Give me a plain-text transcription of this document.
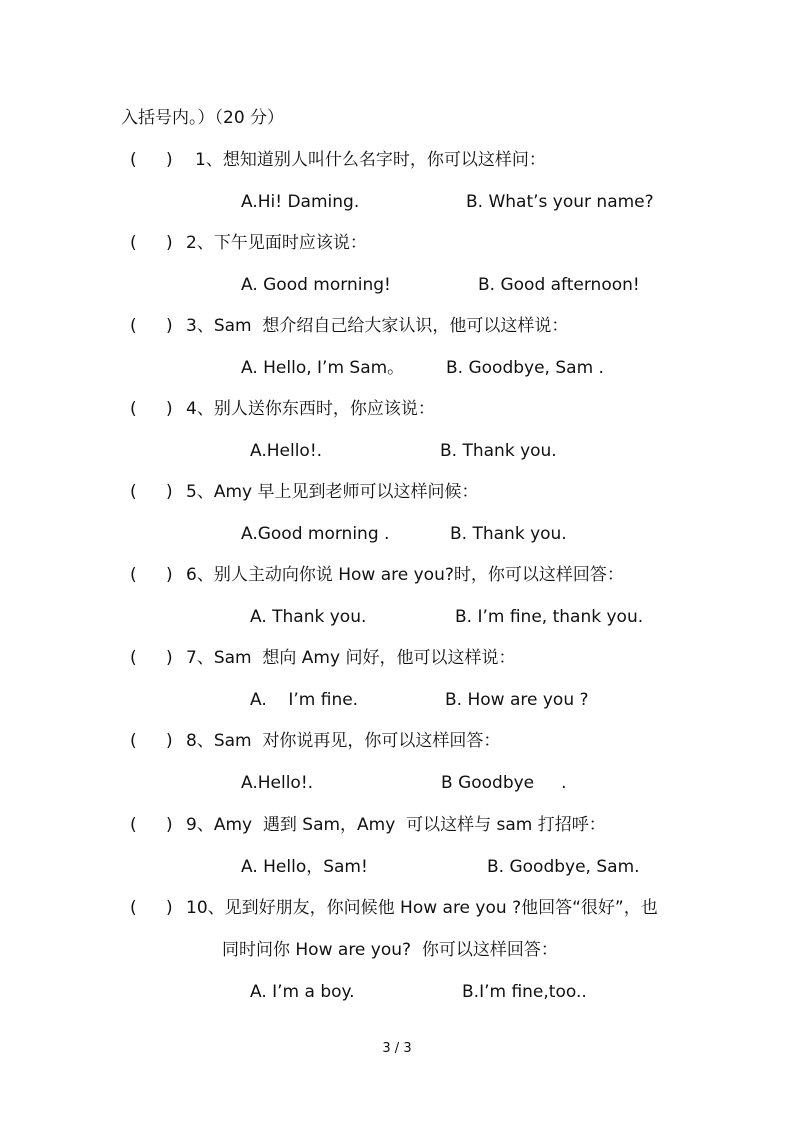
入括号内。）（20 分）
( ) 1、想知道别人叫什么名字时，你可以这样问：
A.Hi! Daming.	B. What’s your name?
( ) 2、下午见面时应该说：
A. Good morning!	B. Good afternoon!
( ) 3、Sam  想介绍自己给大家认识，他可以这样说：
A. Hello, I’m Sam。 B. Goodbye, Sam .
( ) 4、别人送你东西时，你应该说：
A.Hello!.	B. Thank you.
( ) 5、Amy 早上见到老师可以这样问候：
A.Good morning .	B. Thank you.
( ) 6、别人主动向你说 How are you?时，你可以这样回答：
A. Thank you.	B. I’m fine, thank you.
( ) 7、Sam  想向 Amy 问好，他可以这样说：
A.    I’m fine.	B. How are you ?
( ) 8、Sam  对你说再见，你可以这样回答：
A.Hello!.	B Goodbye     .
( ) 9、Amy  遇到 Sam，Amy  可以这样与 sam 打招呼：
A. Hello，Sam!	B. Goodbye, Sam.
( ) 10、见到好朋友，你问候他 How are you ?他回答“很好”，也
同时问你 How are you?  你可以这样回答：
A. I’m a boy.	B.I’m fine,too..
3 / 3
